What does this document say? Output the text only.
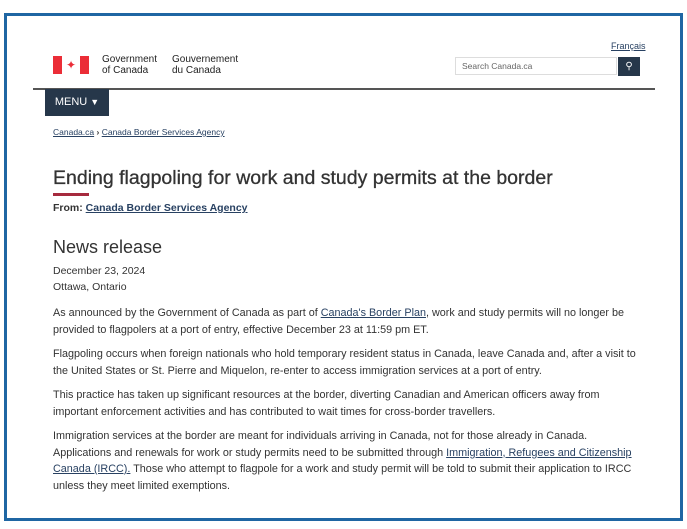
Français
✦	Government
of Canada
Gouvernement
du Canada	Search Canada.ca	⚲
MENU ▼
Canada.ca › Canada Border Services Agency
Ending flagpoling for work and study permits at the border
From: Canada Border Services Agency
News release
December 23, 2024
Ottawa, Ontario

As announced by the Government of Canada as part of Canada's Border Plan, work and study permits will no longer be provided to flagpolers at a port of entry, effective December 23 at 11:59 pm ET.

Flagpoling occurs when foreign nationals who hold temporary resident status in Canada, leave Canada and, after a visit to the United States or St. Pierre and Miquelon, re-enter to access immigration services at a port of entry.

This practice has taken up significant resources at the border, diverting Canadian and American officers away from important enforcement activities and has contributed to wait times for cross-border travellers.

Immigration services at the border are meant for individuals arriving in Canada, not for those already in Canada. Applications and renewals for work or study permits need to be submitted through Immigration, Refugees and Citizenship Canada (IRCC). Those who attempt to flagpole for a work and study permit will be told to submit their application to IRCC unless they meet limited exemptions.
